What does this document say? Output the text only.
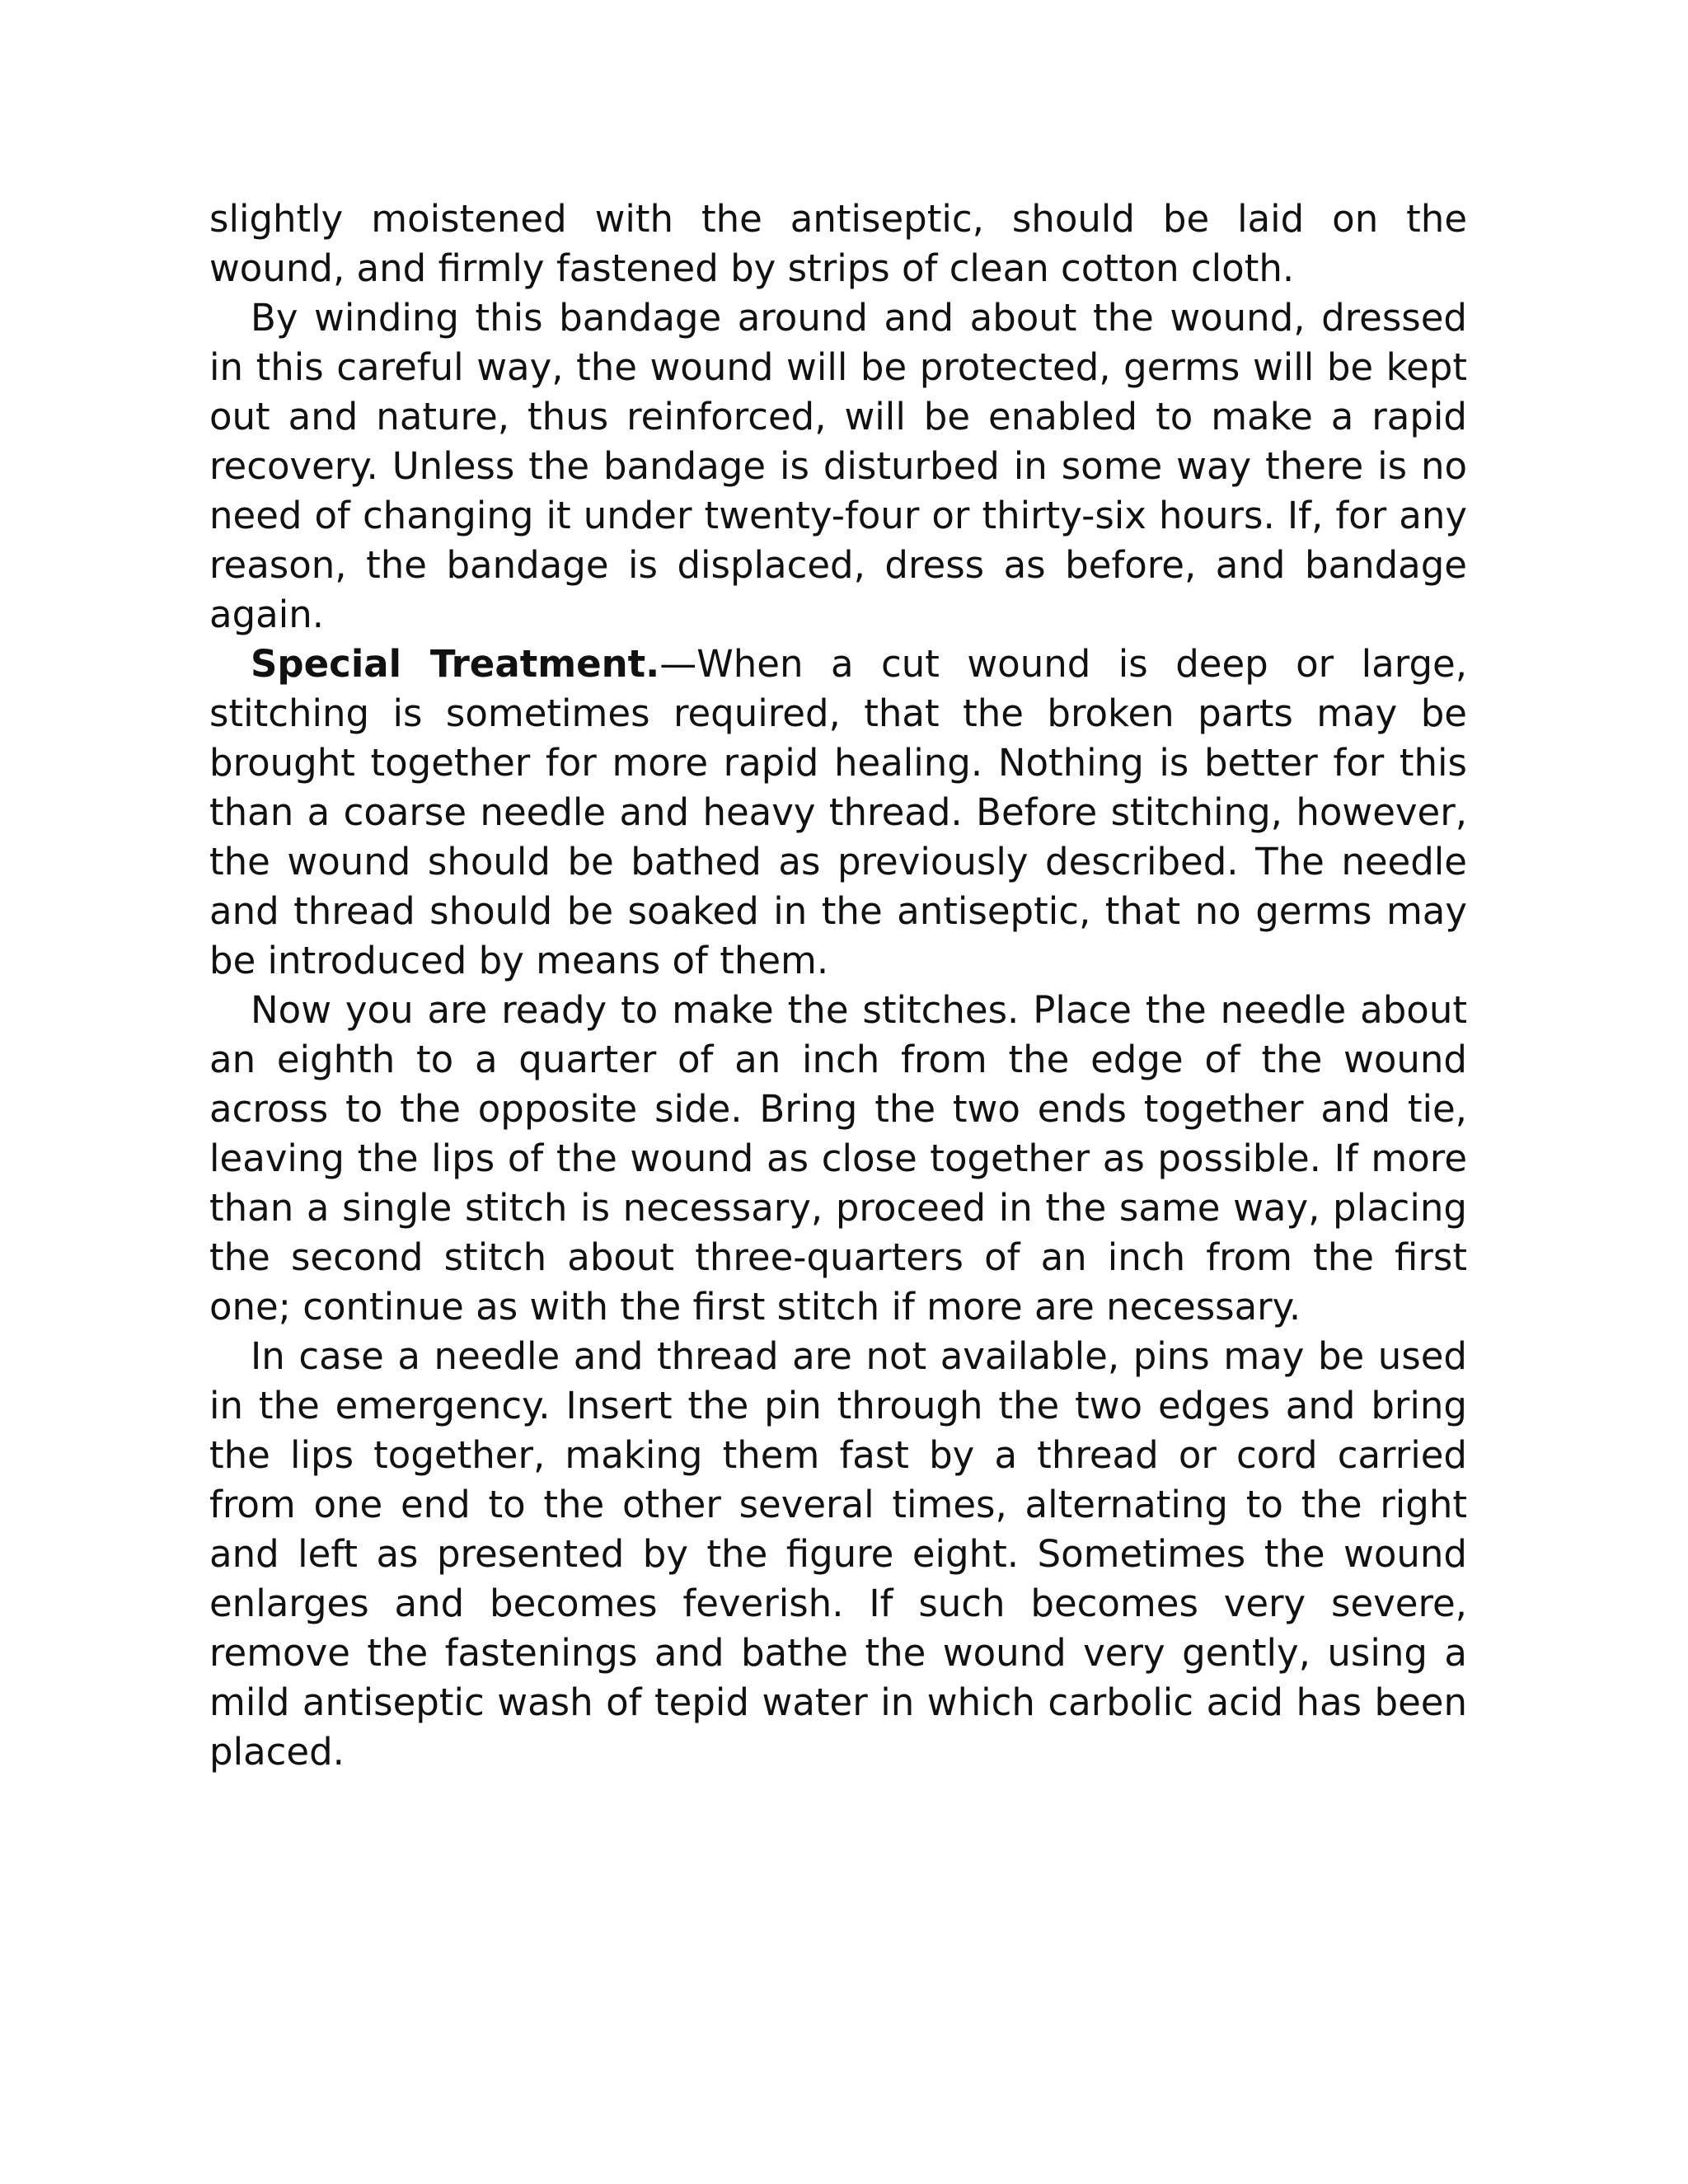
slightly moistened with the antiseptic, should be laid on the wound, and firmly fastened by strips of clean cotton cloth.

By winding this bandage around and about the wound, dressed in this careful way, the wound will be protected, germs will be kept out and nature, thus reinforced, will be enabled to make a rapid recovery. Unless the bandage is disturbed in some way there is no need of changing it under twenty-four or thirty-six hours. If, for any reason, the bandage is displaced, dress as before, and bandage again.

Special Treatment.—When a cut wound is deep or large, stitching is sometimes required, that the broken parts may be brought together for more rapid healing. Nothing is better for this than a coarse needle and heavy thread. Before stitching, however, the wound should be bathed as previously described. The needle and thread should be soaked in the antiseptic, that no germs may be introduced by means of them.

Now you are ready to make the stitches. Place the needle about an eighth to a quarter of an inch from the edge of the wound across to the opposite side. Bring the two ends together and tie, leaving the lips of the wound as close together as possible. If more than a single stitch is necessary, proceed in the same way, placing the second stitch about three-quarters of an inch from the first one; continue as with the first stitch if more are necessary.

In case a needle and thread are not available, pins may be used in the emergency. Insert the pin through the two edges and bring the lips together, making them fast by a thread or cord carried from one end to the other several times, alternating to the right and left as presented by the figure eight. Sometimes the wound enlarges and becomes feverish. If such becomes very severe, remove the fastenings and bathe the wound very gently, using a mild antiseptic wash of tepid water in which carbolic acid has been placed.
